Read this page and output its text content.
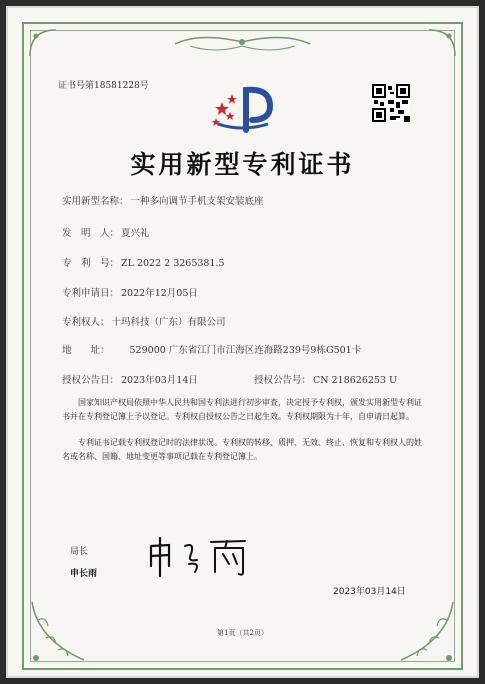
证书号第18581228号
实用新型专利证书
实用新型名称： 一种多向调节手机支架安装底座
发　明　人： 夏兴礼
专　利　号： ZL 2022 2 3265381.5
专利申请日： 2022年12月05日
专利权人： 十玛科技（广东）有限公司
地　　址： 529000 广东省江门市江海区连海路239号9栋G501卡
授权公告日： 2023年03月14日	授权公告号： CN 218626253 U
国家知识产权局依照中华人民共和国专利法进行初步审查，决定授予专利权，颁发实用新型专利证书并在专利登记簿上予以登记。专利权自授权公告之日起生效。专利权期限为十年，自申请日起算。
专利证书记载专利权登记时的法律状况。专利权的转移、质押、无效、终止、恢复和专利权人的姓名或名称、国籍、地址变更等事项记载在专利登记簿上。
局长
申长雨
2023年03月14日
第1页（共2页）
